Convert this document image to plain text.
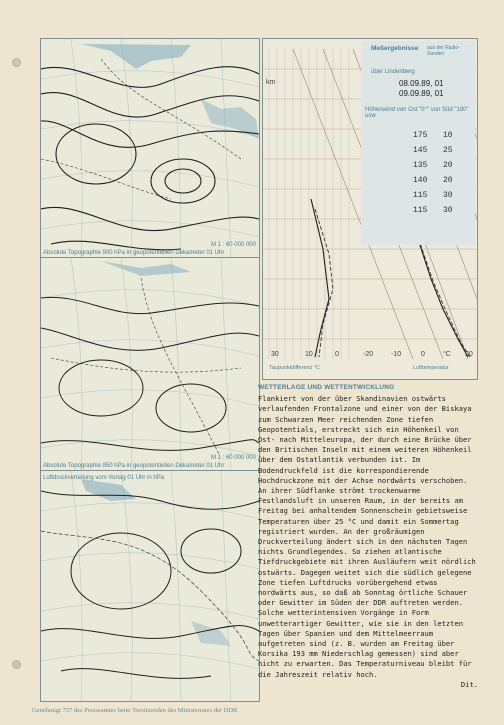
M 1 : 60 000 000
Absolute Topographie 500 hPa in geopotentiellen Dekameter 01 Uhr
M 1 : 60 000 000
Absolute Topographie 850 hPa in geopotentiellen Dekameter 01 Uhr
Luftdruckverteilung vom Vortag 01 Uhr in hPa
Meßergebnisse aus der Radio-Sonden
über Lindenberg
08.09.89, 01
09.09.89, 01
Höhenwind von Ost "0°" von Süd "180" usw
175 10
145 25
135 20
140 20
115 30
115 30
km
-20	-10	0	°C 20
30	10	0
Taupunktdifferenz °C	Lufttemperatur
WETTERLAGE UND WETTENTWICKLUNG
Flankiert von der über Skandinavien ostwärts verlaufenden Frontalzone und einer von der Biskaya zum Schwarzen Meer reichenden Zone tiefen Geopotentials, erstreckt sich ein Höhenkeil von Ost- nach Mitteleuropa, der durch eine Brücke über den Britischen Inseln mit einem weiteren Höhenkeil über dem Ostatlantik verbunden ist. Im Bodendruckfeld ist die korrespondierende Hochdruckzone mit der Achse nordwärts verschoben. An ihrer Südflanke strömt trockenwarme Festlandsluft in unseren Raum, in der bereits am Freitag bei anhaltendem Sonnenschein gebietsweise Temperaturen über 25 °C und damit ein Sommertag registriert wurden. An der großräumigen Druckverteilung ändert sich in den nächsten Tagen nichts Grundlegendes. So ziehen atlantische Tiefdruckgebiete mit ihren Ausläufern weit nördlich ostwärts. Dagegen weitet sich die südlich gelegene Zone tiefen Luftdrucks vorübergehend etwas nordwärts aus, so daß ab Sonntag örtliche Schauer oder Gewitter im Süden der DDR auftreten werden. Solche wetterintensiven Vorgänge in Form unwetterartiger Gewitter, wie sie in den letzten Tagen über Spanien und dem Mittelmeerraum aufgetreten sind (z. B. wurden am Freitag über Korsika 193 mm Niederschlag gemessen) sind aber nicht zu erwarten. Das Temperaturniveau bleibt für die Jahreszeit relativ hoch.
Dit.
Genehmigt 757 des Presseamtes beim Vorsitzenden des Ministerrates der DDR
